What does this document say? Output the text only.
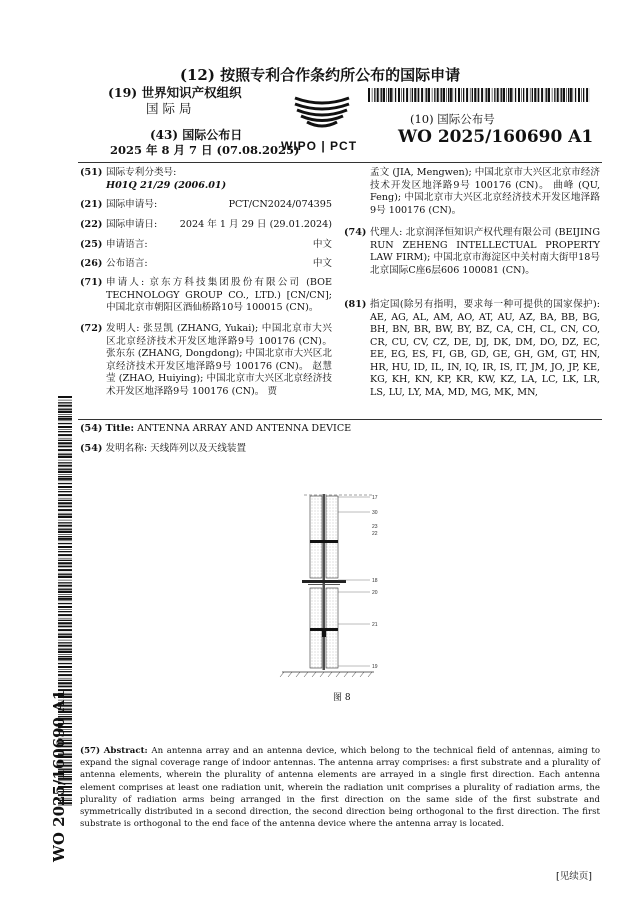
(12) 按照专利合作条约所公布的国际申请
(19) 世界知识产权组织
国 际 局
(43) 国际公布日
2025 年 8 月 7 日 (07.08.2025)
WIPO | PCT
(10) 国际公布号
WO 2025/160690 A1
(51) 国际专利分类号:
H01Q 21/29 (2006.01)
(21) 国际申请号:	PCT/CN2024/074395
(22) 国际申请日: 2024 年 1 月 29 日 (29.01.2024)
(25) 申请语言:	中文
(26) 公布语言:	中文
(71) 申请人: 京东方科技集团股份有限公司 (BOE TECHNOLOGY GROUP CO., LTD.) [CN/CN]; 中国北京市朝阳区酒仙桥路10号 100015 (CN)。
(72) 发明人: 张昱凯 (ZHANG, Yukai); 中国北京市大兴区北京经济技术开发区地泽路9号 100176 (CN)。 张东东 (ZHANG, Dongdong); 中国北京市大兴区北京经济技术开发区地泽路9号 100176 (CN)。 赵慧莹 (ZHAO, Huiying); 中国北京市大兴区北京经济技术开发区地泽路9号 100176 (CN)。 贾
孟文 (JIA, Mengwen); 中国北京市大兴区北京市经济技术开发区地泽路9号 100176 (CN)。 曲峰 (QU, Feng); 中国北京市大兴区北京经济技术开发区地泽路9号 100176 (CN)。
(74) 代理人: 北京润泽恒知识产权代理有限公司 (BEIJING RUN ZEHENG INTELLECTUAL PROPERTY LAW FIRM); 中国北京市海淀区中关村南大街甲18号北京国际C座6层606 100081 (CN)。
(81) 指定国(除另有指明，要求每一种可提供的国家保护): AE, AG, AL, AM, AO, AT, AU, AZ, BA, BB, BG, BH, BN, BR, BW, BY, BZ, CA, CH, CL, CN, CO, CR, CU, CV, CZ, DE, DJ, DK, DM, DO, DZ, EC, EE, EG, ES, FI, GB, GD, GE, GH, GM, GT, HN, HR, HU, ID, IL, IN, IQ, IR, IS, IT, JM, JO, JP, KE, KG, KH, KN, KP, KR, KW, KZ, LA, LC, LK, LR, LS, LU, LY, MA, MD, MG, MK, MN,
(54) Title: ANTENNA ARRAY AND ANTENNA DEVICE
(54) 发明名称: 天线阵列以及天线装置
17
30
23
22
18
20
21
19
图 8
(57) Abstract: An antenna array and an antenna device, which belong to the technical field of antennas, aiming to expand the signal coverage range of indoor antennas. The antenna array comprises: a first substrate and a plurality of antenna elements, wherein the plurality of antenna elements are arrayed in a single first direction. Each antenna element comprises at least one radiation unit, wherein the radiation unit comprises a plurality of radiation arms, the plurality of radiation arms being arranged in the first direction on the same side of the first substrate and symmetrically distributed in a second direction, the second direction being orthogonal to the first direction. The first substrate is orthogonal to the end face of the antenna device where the antenna array is located.
[见续页]
WO 2025/160690 A1
